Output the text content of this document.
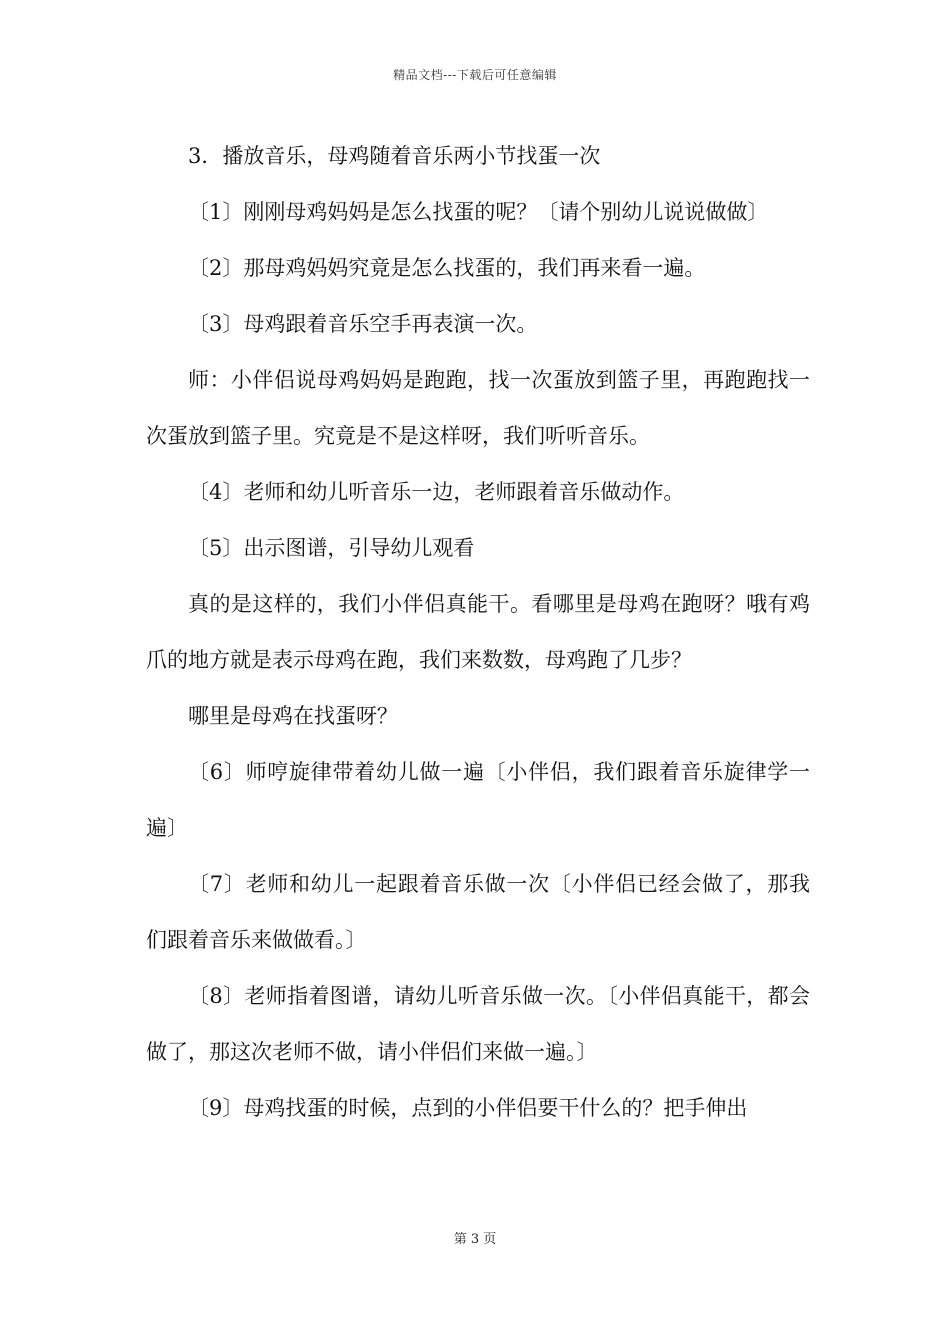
精品文档---下载后可任意编辑

3．播放音乐，母鸡随着音乐两小节找蛋一次

〔1〕刚刚母鸡妈妈是怎么找蛋的呢？〔请个别幼儿说说做做〕

〔2〕那母鸡妈妈究竟是怎么找蛋的，我们再来看一遍。

〔3〕母鸡跟着音乐空手再表演一次。

师：小伴侣说母鸡妈妈是跑跑，找一次蛋放到篮子里，再跑跑找一次蛋放到篮子里。究竟是不是这样呀，我们听听音乐。

〔4〕老师和幼儿听音乐一边，老师跟着音乐做动作。

〔5〕出示图谱，引导幼儿观看

真的是这样的，我们小伴侣真能干。看哪里是母鸡在跑呀？哦有鸡爪的地方就是表示母鸡在跑，我们来数数，母鸡跑了几步？

哪里是母鸡在找蛋呀？

〔6〕师哼旋律带着幼儿做一遍〔小伴侣，我们跟着音乐旋律学一遍〕

〔7〕老师和幼儿一起跟着音乐做一次〔小伴侣已经会做了，那我们跟着音乐来做做看。〕

〔8〕老师指着图谱，请幼儿听音乐做一次。〔小伴侣真能干，都会做了，那这次老师不做，请小伴侣们来做一遍。〕

〔9〕母鸡找蛋的时候，点到的小伴侣要干什么的？把手伸出

第 3 页
